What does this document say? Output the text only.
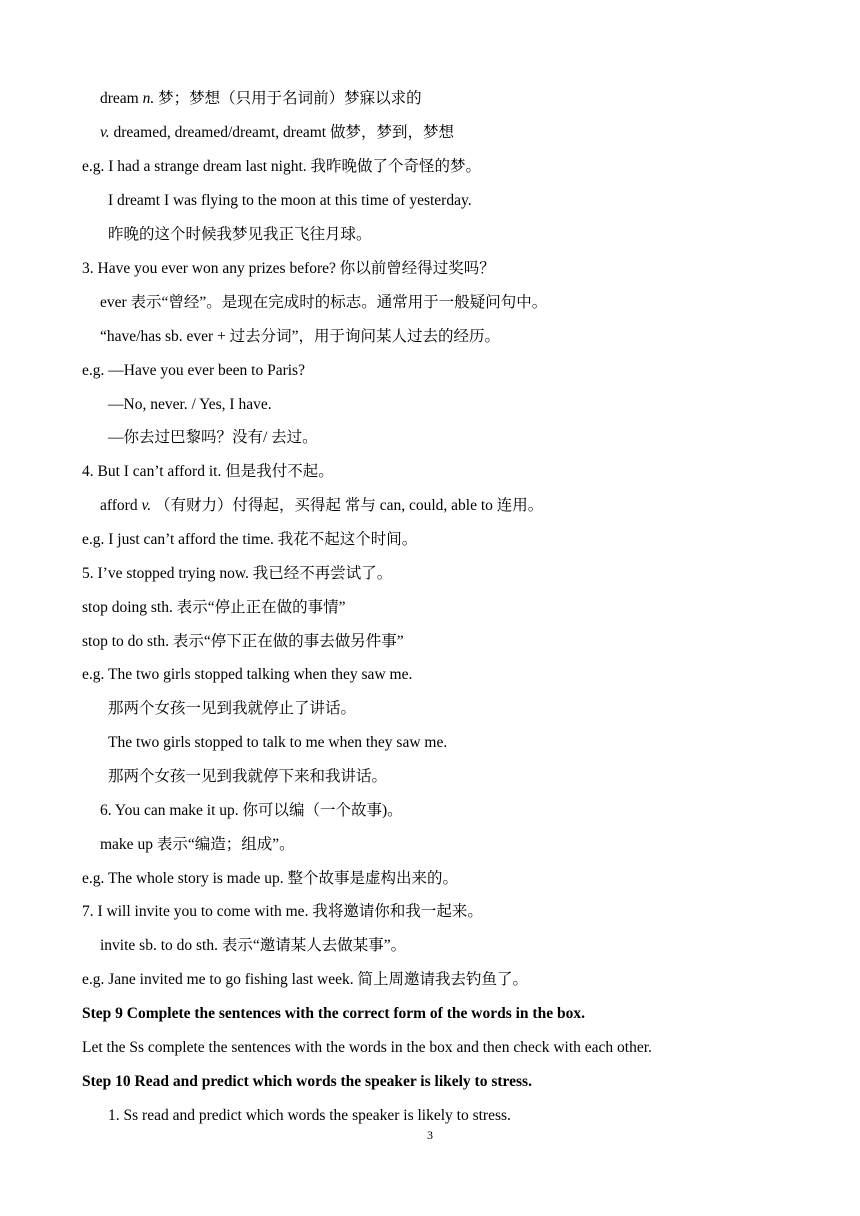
dream n. 梦；梦想（只用于名词前）梦寐以求的
v. dreamed, dreamed/dreamt, dreamt 做梦，梦到，梦想
e.g. I had a strange dream last night. 我昨晚做了个奇怪的梦。
I dreamt I was flying to the moon at this time of yesterday.
昨晚的这个时候我梦见我正飞往月球。
3. Have you ever won any prizes before? 你以前曾经得过奖吗？
ever 表示“曾经”。是现在完成时的标志。通常用于一般疑问句中。
“have/has sb. ever + 过去分词”，用于询问某人过去的经历。
e.g. —Have you ever been to Paris?
—No, never. / Yes, I have.
—你去过巴黎吗？没有/ 去过。
4. But I can’t afford it. 但是我付不起。
afford v. （有财力）付得起，买得起 常与 can, could, able to 连用。
e.g. I just can’t afford the time. 我花不起这个时间。
5. I’ve stopped trying now. 我已经不再尝试了。
stop doing sth. 表示“停止正在做的事情”
stop to do sth. 表示“停下正在做的事去做另件事”
e.g. The two girls stopped talking when they saw me.
那两个女孩一见到我就停止了讲话。
The two girls stopped to talk to me when they saw me.
那两个女孩一见到我就停下来和我讲话。
6. You can make it up. 你可以编（一个故事)。
make up 表示“编造；组成”。
e.g. The whole story is made up. 整个故事是虚构出来的。
7. I will invite you to come with me. 我将邀请你和我一起来。
invite sb. to do sth. 表示“邀请某人去做某事”。
e.g. Jane invited me to go fishing last week. 简上周邀请我去钓鱼了。
Step 9 Complete the sentences with the correct form of the words in the box.
Let the Ss complete the sentences with the words in the box and then check with each other.
Step 10 Read and predict which words the speaker is likely to stress.
1. Ss read and predict which words the speaker is likely to stress.
3
